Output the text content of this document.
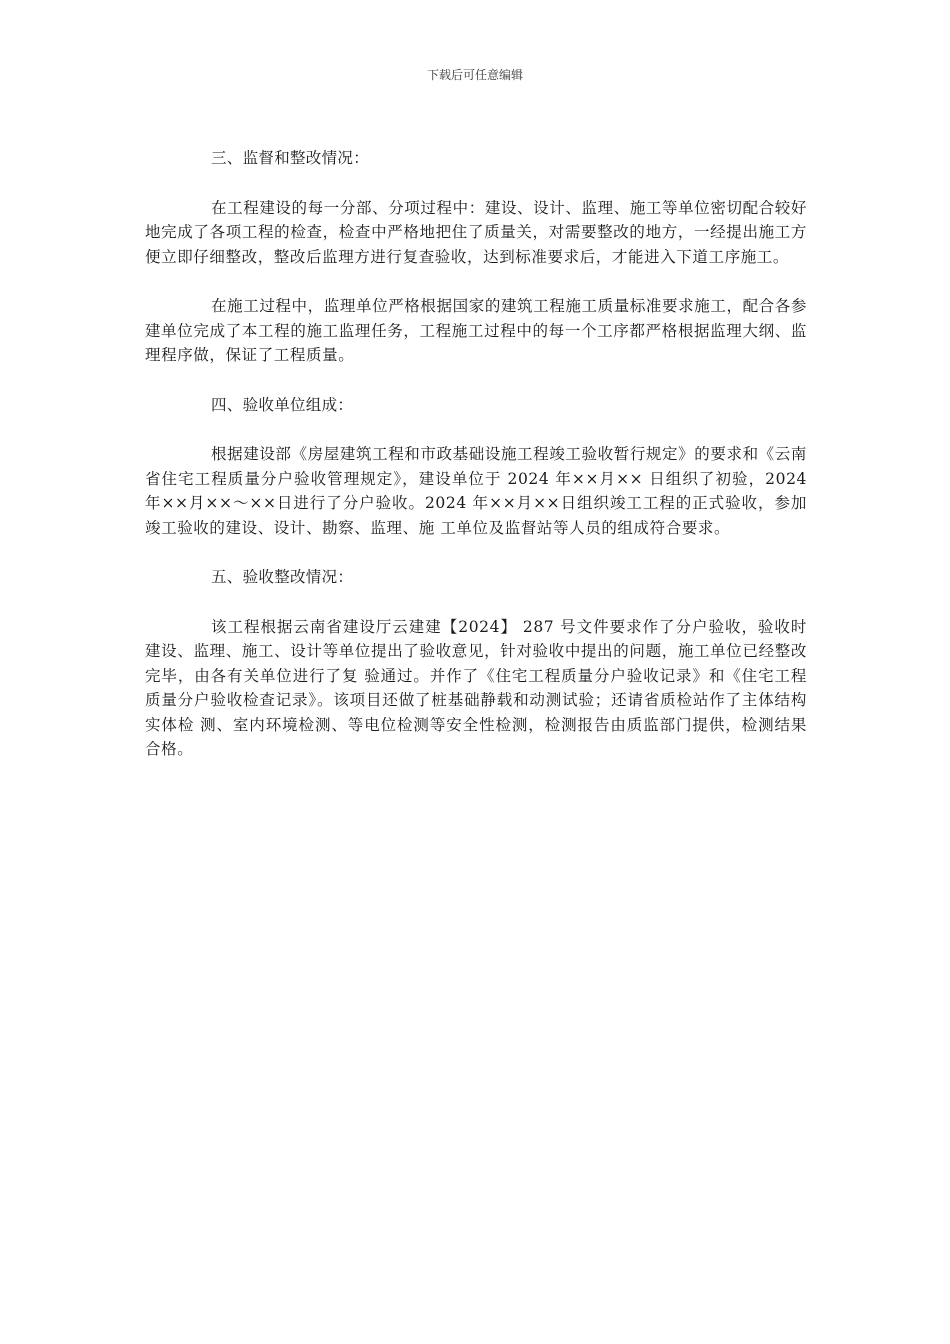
下载后可任意编辑

三、监督和整改情况：

在工程建设的每一分部、分项过程中：建设、设计、监理、施工等单位密切配合较好地完成了各项工程的检查，检查中严格地把住了质量关，对需要整改的地方，一经提出施工方便立即仔细整改，整改后监理方进行复查验收，达到标准要求后，才能进入下道工序施工。

在施工过程中，监理单位严格根据国家的建筑工程施工质量标准要求施工，配合各参建单位完成了本工程的施工监理任务，工程施工过程中的每一个工序都严格根据监理大纲、监理程序做，保证了工程质量。

四、验收单位组成：

根据建设部《房屋建筑工程和市政基础设施工程竣工验收暂行规定》的要求和《云南省住宅工程质量分户验收管理规定》，建设单位于 2024 年××月×× 日组织了初验，2024 年××月××～××日进行了分户验收。2024 年××月××日组织竣工工程的正式验收，参加竣工验收的建设、设计、勘察、监理、施 工单位及监督站等人员的组成符合要求。

五、验收整改情况：

该工程根据云南省建设厅云建建【2024】 287 号文件要求作了分户验收，验收时建设、监理、施工、设计等单位提出了验收意见，针对验收中提出的问题，施工单位已经整改完毕，由各有关单位进行了复 验通过。并作了《住宅工程质量分户验收记录》和《住宅工程质量分户验收检查记录》。该项目还做了桩基础静载和动测试验；还请省质检站作了主体结构实体检 测、室内环境检测、等电位检测等安全性检测，检测报告由质监部门提供，检测结果合格。
